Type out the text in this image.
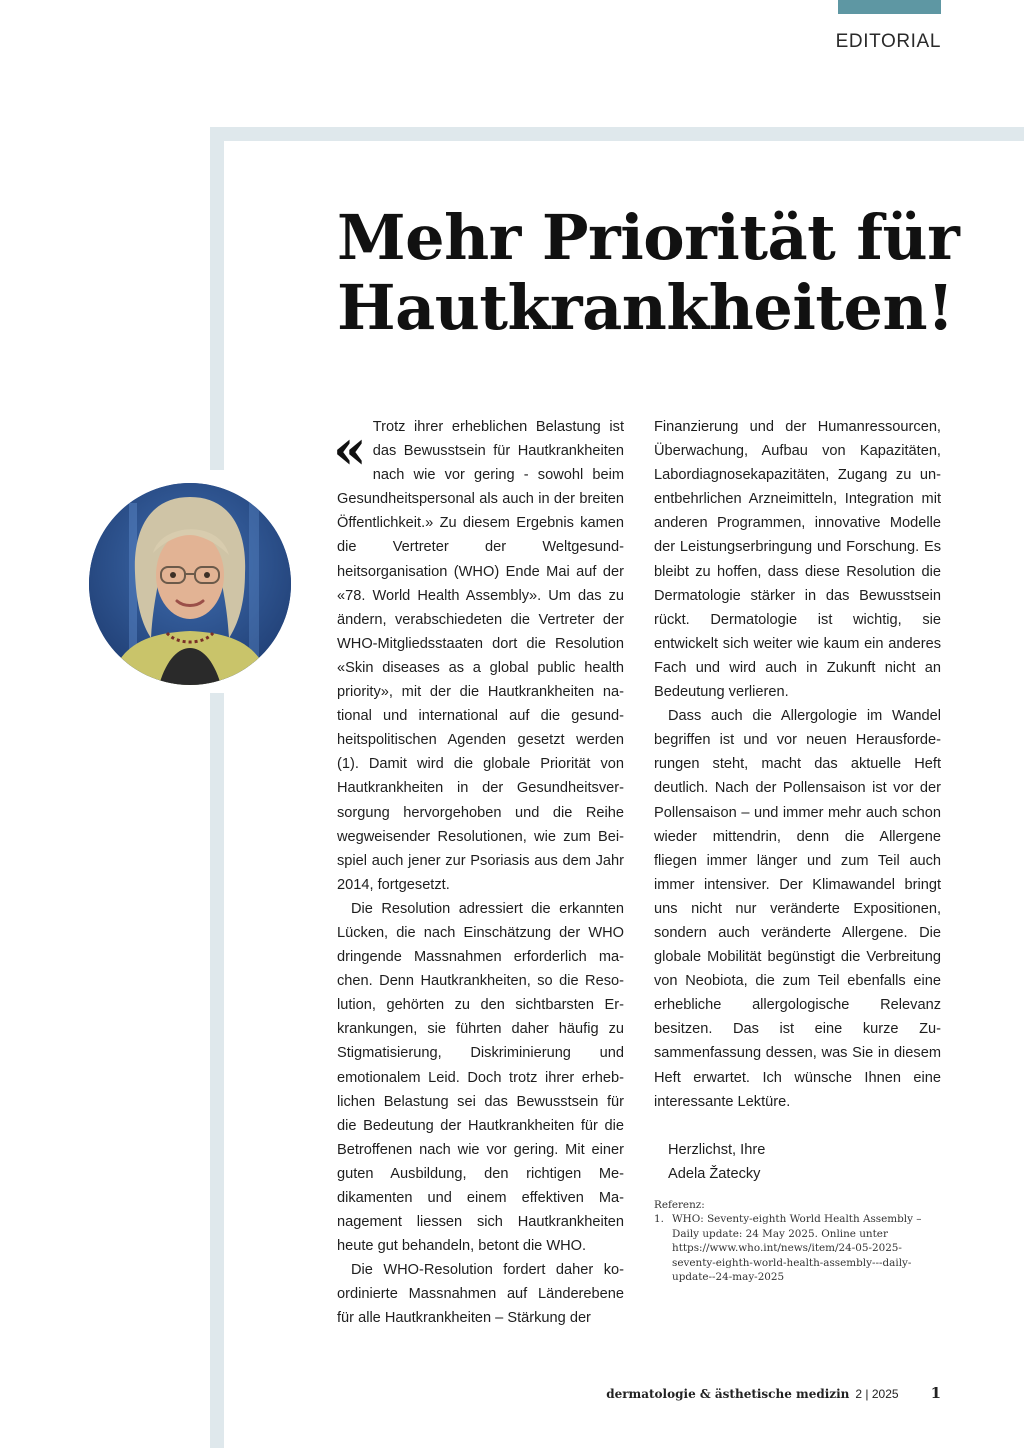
EDITORIAL
Mehr Priorität für
Hautkrankheiten!
« Trotz ihrer erheblichen Belastung ist das Bewusstsein für Hautkrankheiten nach wie vor gering - sowohl beim Gesundheitspersonal als auch in der breiten Öffentlichkeit.» Zu diesem Ergebnis kamen die Vertreter der Weltgesundheitsorganisation (WHO) Ende Mai auf der «78. World Health Assembly». Um das zu ändern, verabschiedeten die Vertreter der WHO-Mitgliedsstaaten dort die Resolution «Skin diseases as a global public health priority», mit der die Hautkrankheiten national und international auf die gesundheitspolitischen Agenden gesetzt werden (1). Damit wird die globale Priorität von Hautkrankheiten in der Gesundheitsversorgung hervorgehoben und die Reihe wegweisender Resolutionen, wie zum Beispiel auch jener zur Psoriasis aus dem Jahr 2014, fortgesetzt.

Die Resolution adressiert die erkannten Lücken, die nach Einschätzung der WHO dringende Massnahmen erforderlich machen. Denn Hautkrankheiten, so die Resolution, gehörten zu den sichtbarsten Erkrankungen, sie führten daher häufig zu Stigmatisierung, Diskriminierung und emotionalem Leid. Doch trotz ihrer erheblichen Belastung sei das Bewusstsein für die Bedeutung der Hautkrankheiten für die Betroffenen nach wie vor gering. Mit einer guten Ausbildung, den richtigen Medikamenten und einem effektiven Management liessen sich Hautkrankheiten heute gut behandeln, betont die WHO.

Die WHO-Resolution fordert daher koordinierte Massnahmen auf Länderebene für alle Hautkrankheiten – Stärkung der

Finanzierung und der Humanressourcen, Überwachung, Aufbau von Kapazitäten, Labordiagnosekapazitäten, Zugang zu unentbehrlichen Arzneimitteln, Integration mit anderen Programmen, innovative Modelle der Leistungserbringung und Forschung. Es bleibt zu hoffen, dass diese Resolution die Dermatologie stärker in das Bewusstsein rückt. Dermatologie ist wichtig, sie entwickelt sich weiter wie kaum ein anderes Fach und wird auch in Zukunft nicht an Bedeutung verlieren.

Dass auch die Allergologie im Wandel begriffen ist und vor neuen Herausforderungen steht, macht das aktuelle Heft deutlich. Nach der Pollensaison ist vor der Pollensaison – und immer mehr auch schon wieder mittendrin, denn die Allergene fliegen immer länger und zum Teil auch immer intensiver. Der Klimawandel bringt uns nicht nur veränderte Expositionen, sondern auch veränderte Allergene. Die globale Mobilität begünstigt die Verbreitung von Neobiota, die zum Teil ebenfalls eine erhebliche allergologische Relevanz besitzen. Das ist eine kurze Zusammenfassung dessen, was Sie in diesem Heft erwartet. Ich wünsche Ihnen eine interessante Lektüre.

Herzlichst, Ihre
Adela Žatecky
Referenz:
1. WHO: Seventy-eighth World Health Assembly – Daily update: 24 May 2025. Online unter https://www.who.int/news/item/24-05-2025-seventy-eighth-world-health-assembly---daily-update--24-may-2025
dermatologie & ästhetische medizin 2 | 2025 1
